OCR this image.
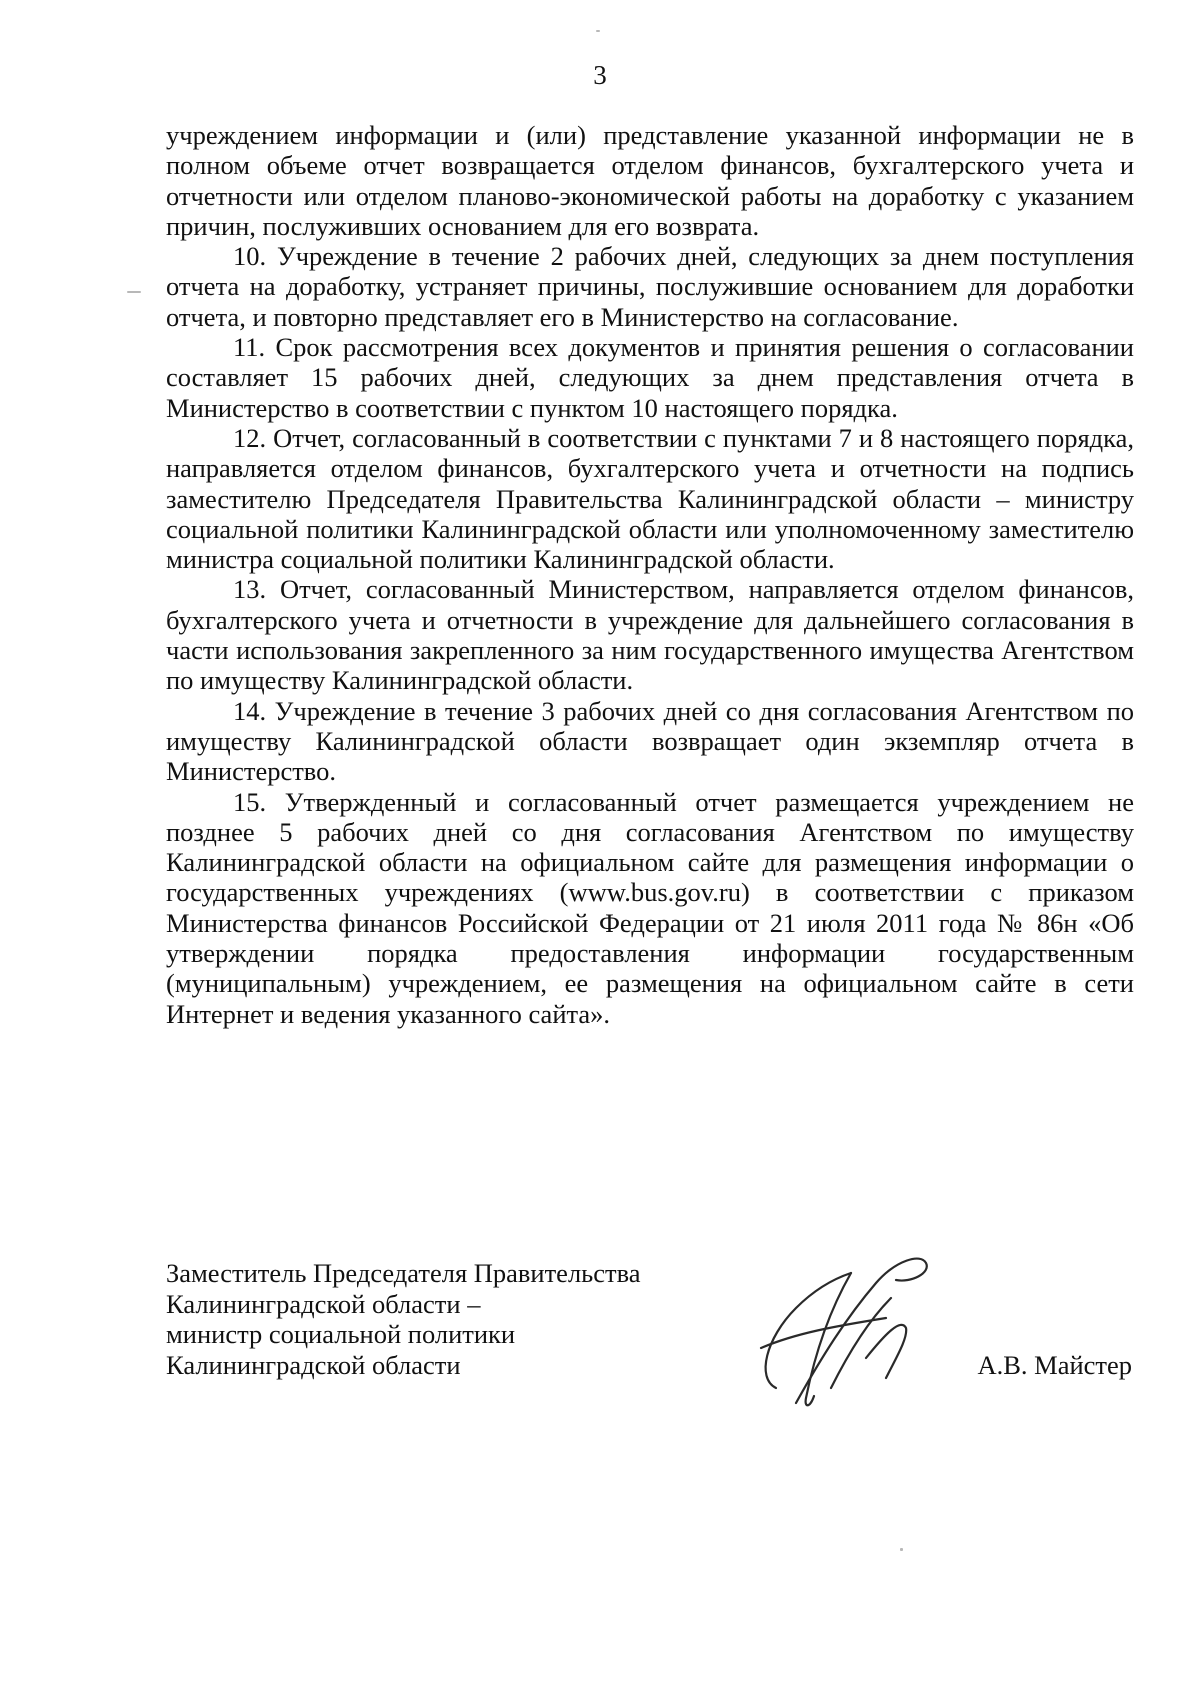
3

учреждением информации и (или) представление указанной информации не в полном объеме отчет возвращается отделом финансов, бухгалтерского учета и отчетности или отделом планово-экономической работы на доработку с указанием причин, послуживших основанием для его возврата.

10. Учреждение в течение 2 рабочих дней, следующих за днем поступления отчета на доработку, устраняет причины, послужившие основанием для доработки отчета, и повторно представляет его в Министерство на согласование.

11. Срок рассмотрения всех документов и принятия решения о согласовании составляет 15 рабочих дней, следующих за днем представления отчета в Министерство в соответствии с пунктом 10 настоящего порядка.

12. Отчет, согласованный в соответствии с пунктами 7 и 8 настоящего порядка, направляется отделом финансов, бухгалтерского учета и отчетности на подпись заместителю Председателя Правительства Калининградской области – министру социальной политики Калининградской области или уполномоченному заместителю министра социальной политики Калининградской области.

13. Отчет, согласованный Министерством, направляется отделом финансов, бухгалтерского учета и отчетности в учреждение для дальнейшего согласования в части использования закрепленного за ним государственного имущества Агентством по имуществу Калининградской области.

14. Учреждение в течение 3 рабочих дней со дня согласования Агентством по имуществу Калининградской области возвращает один экземпляр отчета в Министерство.

15. Утвержденный и согласованный отчет размещается учреждением не позднее 5 рабочих дней со дня согласования Агентством по имуществу Калининградской области на официальном сайте для размещения информации о государственных учреждениях (www.bus.gov.ru) в соответствии с приказом Министерства финансов Российской Федерации от 21 июля 2011 года № 86н «Об утверждении порядка предоставления информации государственным (муниципальным) учреждением, ее размещения на официальном сайте в сети Интернет и ведения указанного сайта».

Заместитель Председателя Правительства
Калининградской области –
министр социальной политики
Калининградской области	А.В. Майстер
